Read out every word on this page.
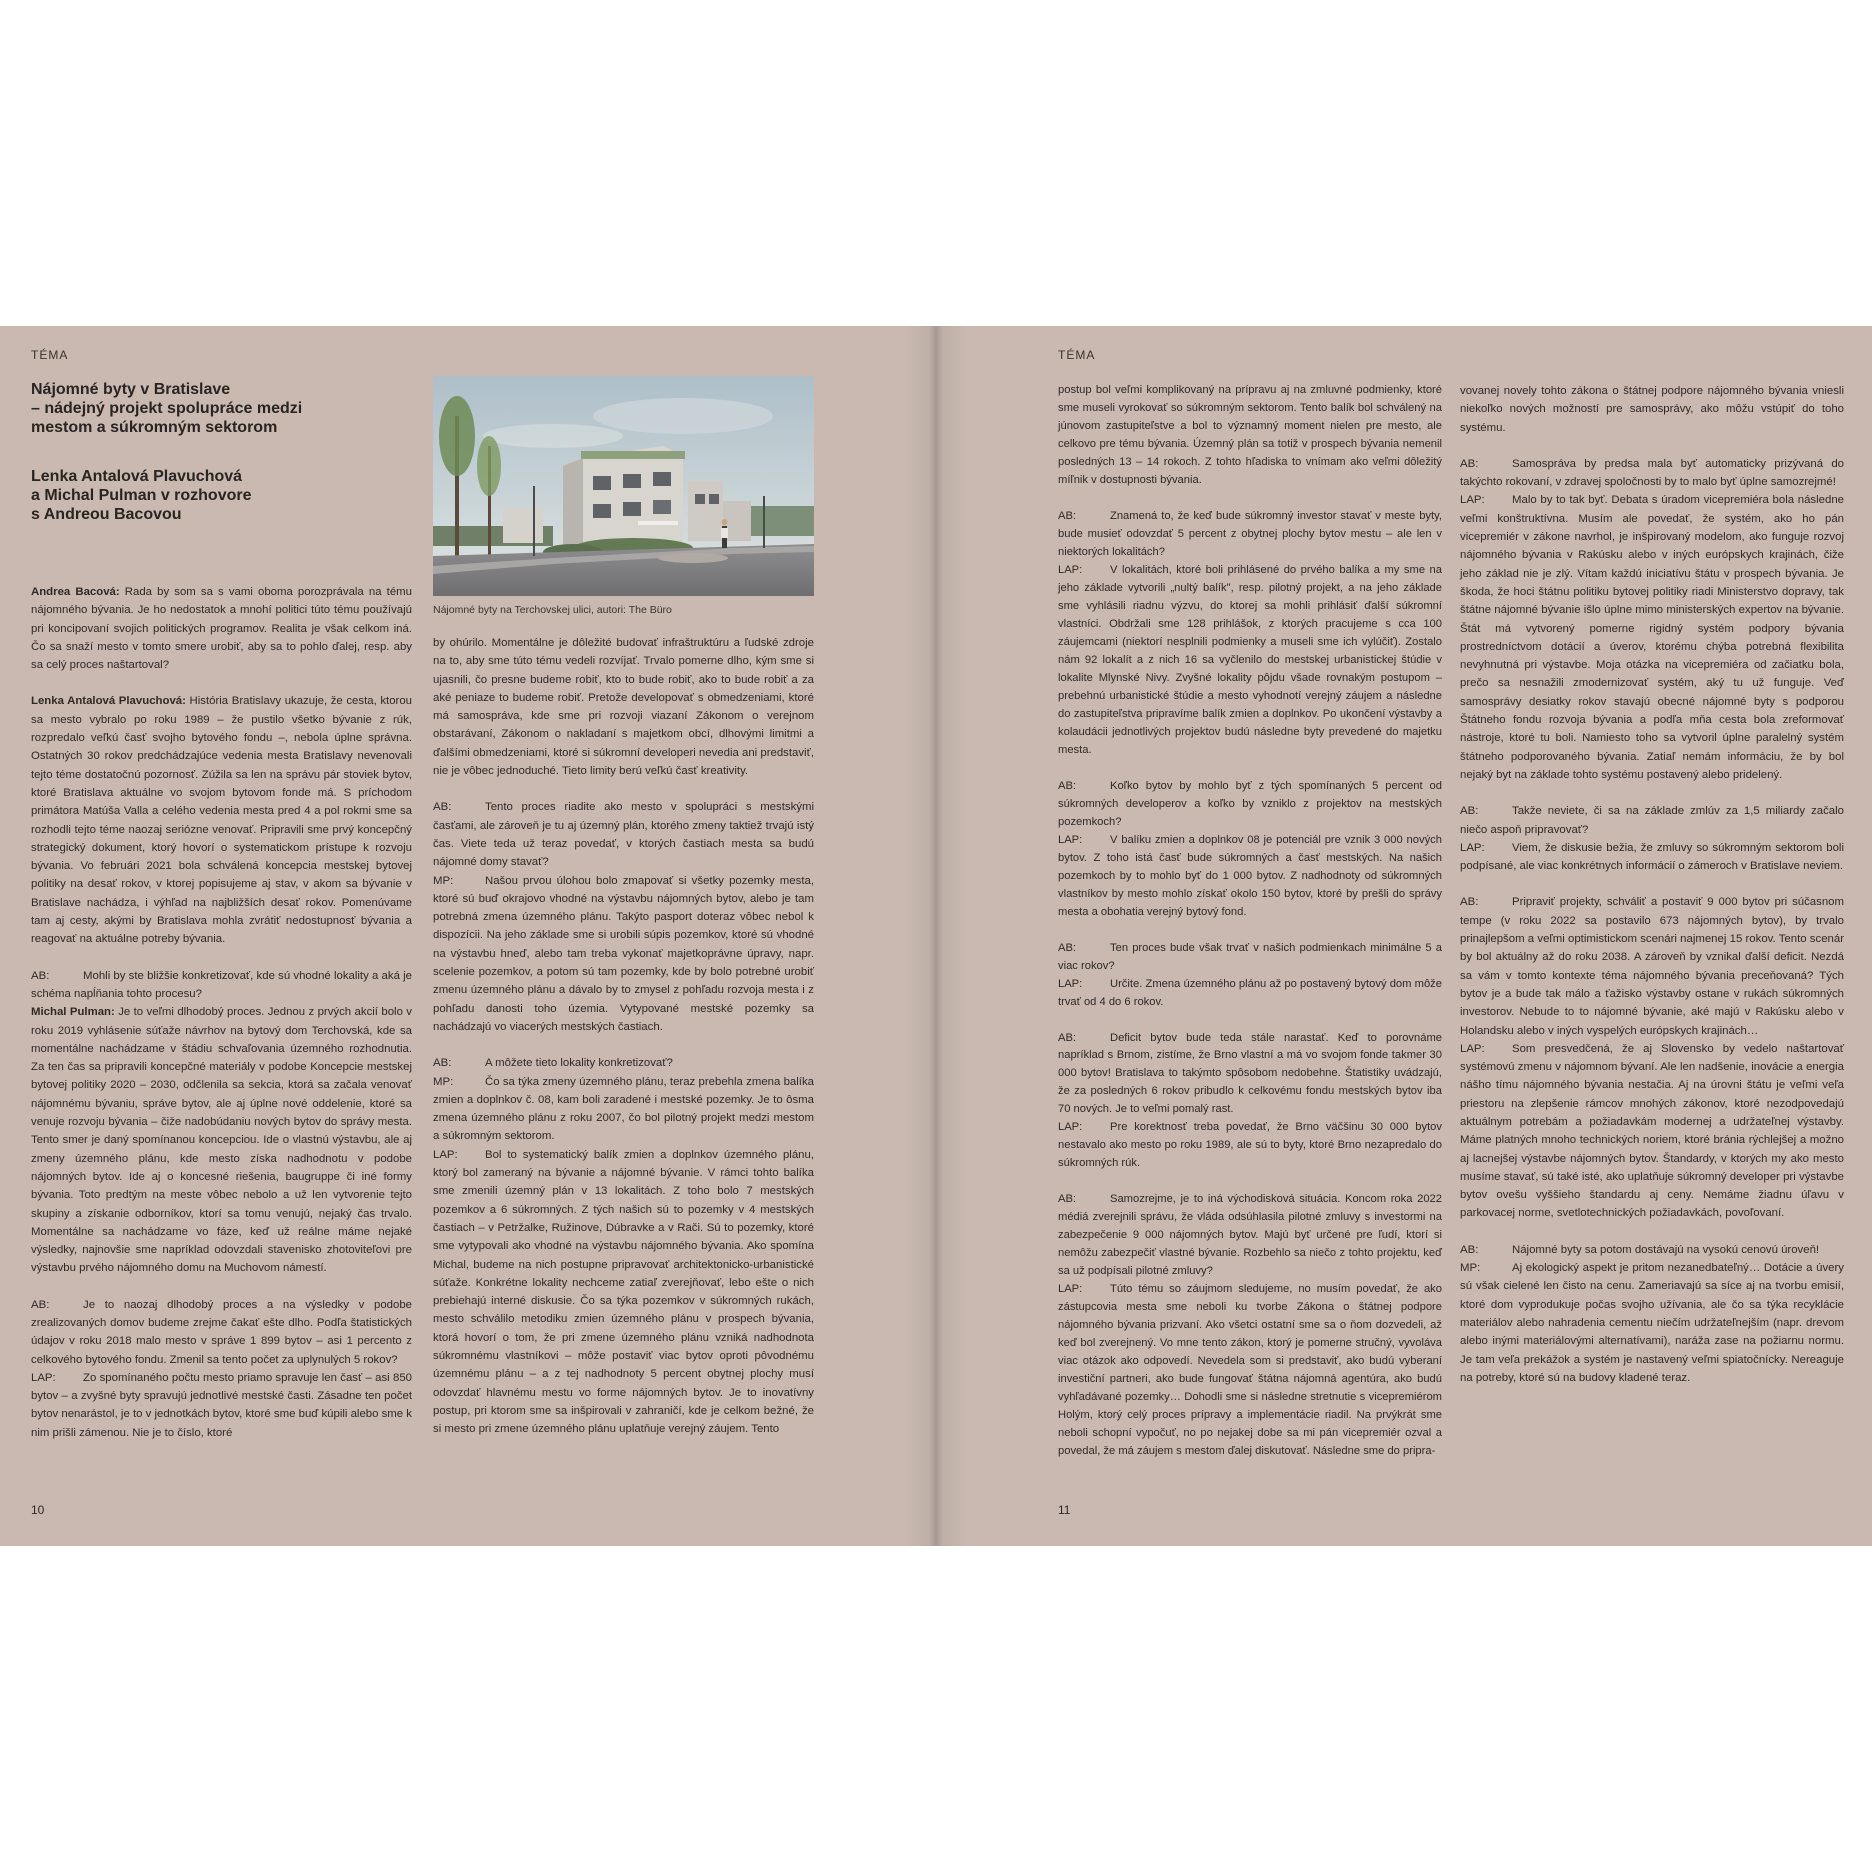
TÉMA
Nájomné byty v Bratislave
– nádejný projekt spolupráce medzi
mestom a súkromným sektorom
Lenka Antalová Plavuchová
a Michal Pulman v rozhovore
s Andreou Bacovou
Nájomné byty na Terchovskej ulici, autori: The Büro

Andrea Bacová: Rada by som sa s vami oboma porozprávala na tému nájomného bývania. Je ho nedostatok a mnohí politici túto tému používajú pri koncipovaní svojich politických programov. Realita je však celkom iná. Čo sa snaží mesto v tomto smere urobiť, aby sa to pohlo ďalej, resp. aby sa celý proces naštartoval?

Lenka Antalová Plavuchová: História Bratislavy ukazuje, že cesta, ktorou sa mesto vybralo po roku 1989 – že pustilo všetko bývanie z rúk, rozpredalo veľkú časť svojho bytového fondu –, nebola úplne správna. Ostatných 30 rokov predchádzajúce vedenia mesta Bratislavy nevenovali tejto téme dostatočnú pozornosť. Zúžila sa len na správu pár stoviek bytov, ktoré Bratislava aktuálne vo svojom bytovom fonde má. S príchodom primátora Matúša Valla a celého vedenia mesta pred 4 a pol rokmi sme sa rozhodli tejto téme naozaj seriózne venovať. Pripravili sme prvý koncepčný strategický dokument, ktorý hovorí o systematickom prístupe k rozvoju bývania. Vo februári 2021 bola schválená koncepcia mestskej bytovej politiky na desať rokov, v ktorej popisujeme aj stav, v akom sa bývanie v Bratislave nachádza, i výhľad na najbližších desať rokov. Pomenúvame tam aj cesty, akými by Bratislava mohla zvrátiť nedostupnosť bývania a reagovať na aktuálne potreby bývania.

AB:	Mohli by ste bližšie konkretizovať, kde sú vhodné lokality a aká je schéma napĺňania tohto procesu?
Michal Pulman: Je to veľmi dlhodobý proces. Jednou z prvých akcií bolo v roku 2019 vyhlásenie súťaže návrhov na bytový dom Terchovská, kde sa momentálne nachádzame v štádiu schvaľovania územného rozhodnutia. Za ten čas sa pripravili koncepčné materiály v podobe Koncepcie mestskej bytovej politiky 2020 – 2030, odčlenila sa sekcia, ktorá sa začala venovať nájomnému bývaniu, správe bytov, ale aj úplne nové oddelenie, ktoré sa venuje rozvoju bývania – čiže nadobúdaniu nových bytov do správy mesta. Tento smer je daný spomínanou koncepciou. Ide o vlastnú výstavbu, ale aj zmeny územného plánu, kde mesto získa nadhodnotu v podobe nájomných bytov. Ide aj o koncesné riešenia, baugruppe či iné formy bývania. Toto predtým na meste vôbec nebolo a už len vytvorenie tejto skupiny a získanie odborníkov, ktorí sa tomu venujú, nejaký čas trvalo. Momentálne sa nachádzame vo fáze, keď už reálne máme nejaké výsledky, najnovšie sme napríklad odovzdali stavenisko zhotoviteľovi pre výstavbu prvého nájomného domu na Muchovom námestí.

AB:	Je to naozaj dlhodobý proces a na výsledky v podobe zrealizovaných domov budeme zrejme čakať ešte dlho. Podľa štatistických údajov v roku 2018 malo mesto v správe 1 899 bytov – asi 1 percento z celkového bytového fondu. Zmenil sa tento počet za uplynulých 5 rokov?
LAP: Zo spomínaného počtu mesto priamo spravuje len časť – asi 850 bytov – a zvyšné byty spravujú jednotlivé mestské časti. Zásadne ten počet bytov nenarástol, je to v jednotkách bytov, ktoré sme buď kúpili alebo sme k nim prišli zámenou. Nie je to číslo, ktoré

by ohúrilo. Momentálne je dôležité budovať infraštruktúru a ľudské zdroje na to, aby sme túto tému vedeli rozvíjať. Trvalo pomerne dlho, kým sme si ujasnili, čo presne budeme robiť, kto to bude robiť, ako to bude robiť a za aké peniaze to budeme robiť. Pretože developovať s obmedzeniami, ktoré má samospráva, kde sme pri rozvoji viazaní Zákonom o verejnom obstarávaní, Zákonom o nakladaní s majetkom obcí, dlhovými limitmi a ďalšími obmedzeniami, ktoré si súkromní developeri nevedia ani predstaviť, nie je vôbec jednoduché. Tieto limity berú veľkú časť kreativity.

AB:	Tento proces riadite ako mesto v spolupráci s mestskými časťami, ale zároveň je tu aj územný plán, ktorého zmeny taktiež trvajú istý čas. Viete teda už teraz povedať, v ktorých častiach mesta sa budú nájomné domy stavať?
MP:	Našou prvou úlohou bolo zmapovať si všetky pozemky mesta, ktoré sú buď okrajovo vhodné na výstavbu nájomných bytov, alebo je tam potrebná zmena územného plánu. Takýto pasport doteraz vôbec nebol k dispozícii. Na jeho základe sme si urobili súpis pozemkov, ktoré sú vhodné na výstavbu hneď, alebo tam treba vykonať majetkoprávne úpravy, napr. scelenie pozemkov, a potom sú tam pozemky, kde by bolo potrebné urobiť zmenu územného plánu a dávalo by to zmysel z pohľadu rozvoja mesta i z pohľadu danosti toho územia. Vytypované mestské pozemky sa nachádzajú vo viacerých mestských častiach.

AB:	A môžete tieto lokality konkretizovať?
MP:	Čo sa týka zmeny územného plánu, teraz prebehla zmena balíka zmien a doplnkov č. 08, kam boli zaradené i mestské pozemky. Je to ôsma zmena územného plánu z roku 2007, čo bol pilotný projekt medzi mestom a súkromným sektorom.
LAP: Bol to systematický balík zmien a doplnkov územného plánu, ktorý bol zameraný na bývanie a nájomné bývanie. V rámci tohto balíka sme zmenili územný plán v 13 lokalitách. Z toho bolo 7 mestských pozemkov a 6 súkromných. Z tých našich sú to pozemky v 4 mestských častiach – v Petržalke, Ružinove, Dúbravke a v Rači. Sú to pozemky, ktoré sme vytypovali ako vhodné na výstavbu nájomného bývania. Ako spomína Michal, budeme na nich postupne pripravovať architektonicko-urbanistické súťaže. Konkrétne lokality nechceme zatiaľ zverejňovať, lebo ešte o nich prebiehajú interné diskusie. Čo sa týka pozemkov v súkromných rukách, mesto schválilo metodiku zmien územného plánu v prospech bývania, ktorá hovorí o tom, že pri zmene územného plánu vzniká nadhodnota súkromnému vlastníkovi – môže postaviť viac bytov oproti pôvodnému územnému plánu – a z tej nadhodnoty 5 percent obytnej plochy musí odovzdať hlavnému mestu vo forme nájomných bytov. Je to inovatívny postup, pri ktorom sme sa inšpirovali v zahraničí, kde je celkom bežné, že si mesto pri zmene územného plánu uplatňuje verejný záujem. Tento

10
TÉMA

postup bol veľmi komplikovaný na prípravu aj na zmluvné podmienky, ktoré sme museli vyrokovať so súkromným sektorom. Tento balík bol schválený na júnovom zastupiteľstve a bol to významný moment nielen pre mesto, ale celkovo pre tému bývania. Územný plán sa totiž v prospech bývania nemenil posledných 13 – 14 rokoch. Z tohto hľadiska to vnímam ako veľmi dôležitý míľnik v dostupnosti bývania.

AB:	Znamená to, že keď bude súkromný investor stavať v meste byty, bude musieť odovzdať 5 percent z obytnej plochy bytov mestu – ale len v niektorých lokalitách?
LAP: V lokalitách, ktoré boli prihlásené do prvého balíka a my sme na jeho základe vytvorili „nultý balík", resp. pilotný projekt, a na jeho základe sme vyhlásili riadnu výzvu, do ktorej sa mohli prihlásiť ďalší súkromní vlastníci. Obdržali sme 128 prihlášok, z ktorých pracujeme s cca 100 záujemcami (niektorí nesplnili podmienky a museli sme ich vylúčiť). Zostalo nám 92 lokalít a z nich 16 sa vyčlenilo do mestskej urbanistickej štúdie v lokalite Mlynské Nivy. Zvyšné lokality pôjdu všade rovnakým postupom – prebehnú urbanistické štúdie a mesto vyhodnotí verejný záujem a následne do zastupiteľstva pripravíme balík zmien a doplnkov. Po ukončení výstavby a kolaudácii jednotlivých projektov budú následne byty prevedené do majetku mesta.

AB:	Koľko bytov by mohlo byť z tých spomínaných 5 percent od súkromných developerov a koľko by vzniklo z projektov na mestských pozemkoch?
LAP: V balíku zmien a doplnkov 08 je potenciál pre vznik 3 000 nových bytov. Z toho istá časť bude súkromných a časť mestských. Na našich pozemkoch by to mohlo byť do 1 000 bytov. Z nadhodnoty od súkromných vlastníkov by mesto mohlo získať okolo 150 bytov, ktoré by prešli do správy mesta a obohatia verejný bytový fond.

AB:	Ten proces bude však trvať v našich podmienkach minimálne 5 a viac rokov?
LAP: Určite. Zmena územného plánu až po postavený bytový dom môže trvať od 4 do 6 rokov.

AB:	Deficit bytov bude teda stále narastať. Keď to porovnáme napríklad s Brnom, zistíme, že Brno vlastní a má vo svojom fonde takmer 30 000 bytov! Bratislava to takýmto spôsobom nedobehne. Štatistiky uvádzajú, že za posledných 6 rokov pribudlo k celkovému fondu mestských bytov iba 70 nových. Je to veľmi pomalý rast.
LAP: Pre korektnosť treba povedať, že Brno väčšinu 30 000 bytov nestavalo ako mesto po roku 1989, ale sú to byty, ktoré Brno nezapredalo do súkromných rúk.

AB:	Samozrejme, je to iná východisková situácia. Koncom roka 2022 médiá zverejnili správu, že vláda odsúhlasila pilotné zmluvy s investormi na zabezpečenie 9 000 nájomných bytov. Majú byť určené pre ľudí, ktorí si nemôžu zabezpečiť vlastné bývanie. Rozbehlo sa niečo z tohto projektu, keď sa už podpísali pilotné zmluvy?
LAP: Túto tému so záujmom sledujeme, no musím povedať, že ako zástupcovia mesta sme neboli ku tvorbe Zákona o štátnej podpore nájomného bývania prizvaní. Ako všetci ostatní sme sa o ňom dozvedeli, až keď bol zverejnený. Vo mne tento zákon, ktorý je pomerne stručný, vyvoláva viac otázok ako odpovedí. Nevedela som si predstaviť, ako budú vyberaní investiční partneri, ako bude fungovať štátna nájomná agentúra, ako budú vyhľadávané pozemky… Dohodli sme si následne stretnutie s vicepremiérom Holým, ktorý celý proces prípravy a implementácie riadil. Na prvýkrát sme neboli schopní vypočuť, no po nejakej dobe sa mi pán vicepremiér ozval a povedal, že má záujem s mestom ďalej diskutovať. Následne sme do pripra-

vovanej novely tohto zákona o štátnej podpore nájomného bývania vniesli niekoľko nových možností pre samosprávy, ako môžu vstúpiť do toho systému.

AB:	Samospráva by predsa mala byť automaticky prizývaná do takýchto rokovaní, v zdravej spoločnosti by to malo byť úplne samozrejmé!
LAP: Malo by to tak byť. Debata s úradom vicepremiéra bola následne veľmi konštruktívna. Musím ale povedať, že systém, ako ho pán vicepremiér v zákone navrhol, je inšpirovaný modelom, ako funguje rozvoj nájomného bývania v Rakúsku alebo v iných európskych krajinách, čiže jeho základ nie je zlý. Vítam každú iniciatívu štátu v prospech bývania. Je škoda, že hoci štátnu politiku bytovej politiky riadi Ministerstvo dopravy, tak štátne nájomné bývanie išlo úplne mimo ministerských expertov na bývanie. Štát má vytvorený pomerne rigidný systém podpory bývania prostredníctvom dotácií a úverov, ktorému chýba potrebná flexibilita nevyhnutná pri výstavbe. Moja otázka na vicepremiéra od začiatku bola, prečo sa nesnažili zmodernizovať systém, aký tu už funguje. Veď samosprávy desiatky rokov stavajú obecné nájomné byty s podporou Štátneho fondu rozvoja bývania a podľa mňa cesta bola zreformovať nástroje, ktoré tu boli. Namiesto toho sa vytvoril úplne paralelný systém štátneho podporovaného bývania. Zatiaľ nemám informáciu, že by bol nejaký byt na základe tohto systému postavený alebo pridelený.

AB:	Takže neviete, či sa na základe zmlúv za 1,5 miliardy začalo niečo aspoň pripravovať?
LAP: Viem, že diskusie bežia, že zmluvy so súkromným sektorom boli podpísané, ale viac konkrétnych informácií o zámeroch v Bratislave neviem.

AB:	Pripraviť projekty, schváliť a postaviť 9 000 bytov pri súčasnom tempe (v roku 2022 sa postavilo 673 nájomných bytov), by trvalo prinajlepšom a veľmi optimistickom scenári najmenej 15 rokov. Tento scenár by bol aktuálny až do roku 2038. A zároveň by vznikal ďalší deficit. Nezdá sa vám v tomto kontexte téma nájomného bývania preceňovaná? Tých bytov je a bude tak málo a ťažisko výstavby ostane v rukách súkromných investorov. Nebude to to nájomné bývanie, aké majú v Rakúsku alebo v Holandsku alebo v iných vyspelých európskych krajinách…
LAP: Som presvedčená, že aj Slovensko by vedelo naštartovať systémovú zmenu v nájomnom bývaní. Ale len nadšenie, inovácie a energia nášho tímu nájomného bývania nestačia. Aj na úrovni štátu je veľmi veľa priestoru na zlepšenie rámcov mnohých zákonov, ktoré nezodpovedajú aktuálnym potrebám a požiadavkám modernej a udržateľnej výstavby. Máme platných mnoho technických noriem, ktoré bránia rýchlejšej a možno aj lacnejšej výstavbe nájomných bytov. Štandardy, v ktorých my ako mesto musíme stavať, sú také isté, ako uplatňuje súkromný developer pri výstavbe bytov ovešu vyššieho štandardu aj ceny. Nemáme žiadnu úľavu v parkovacej norme, svetlotechnických požiadavkách, povoľovaní.

AB:	Nájomné byty sa potom dostávajú na vysokú cenovú úroveň!
MP:	Aj ekologický aspekt je pritom nezanedbateľný… Dotácie a úvery sú však cielené len čisto na cenu. Zameriavajú sa síce aj na tvorbu emisií, ktoré dom vyprodukuje počas svojho užívania, ale čo sa týka recyklácie materiálov alebo nahradenia cementu niečím udržateľnejším (napr. drevom alebo inými materiálovými alternatívami), naráža zase na požiarnu normu. Je tam veľa prekážok a systém je nastavený veľmi spiatočnícky. Nereaguje na potreby, ktoré sú na budovy kladené teraz.

11
